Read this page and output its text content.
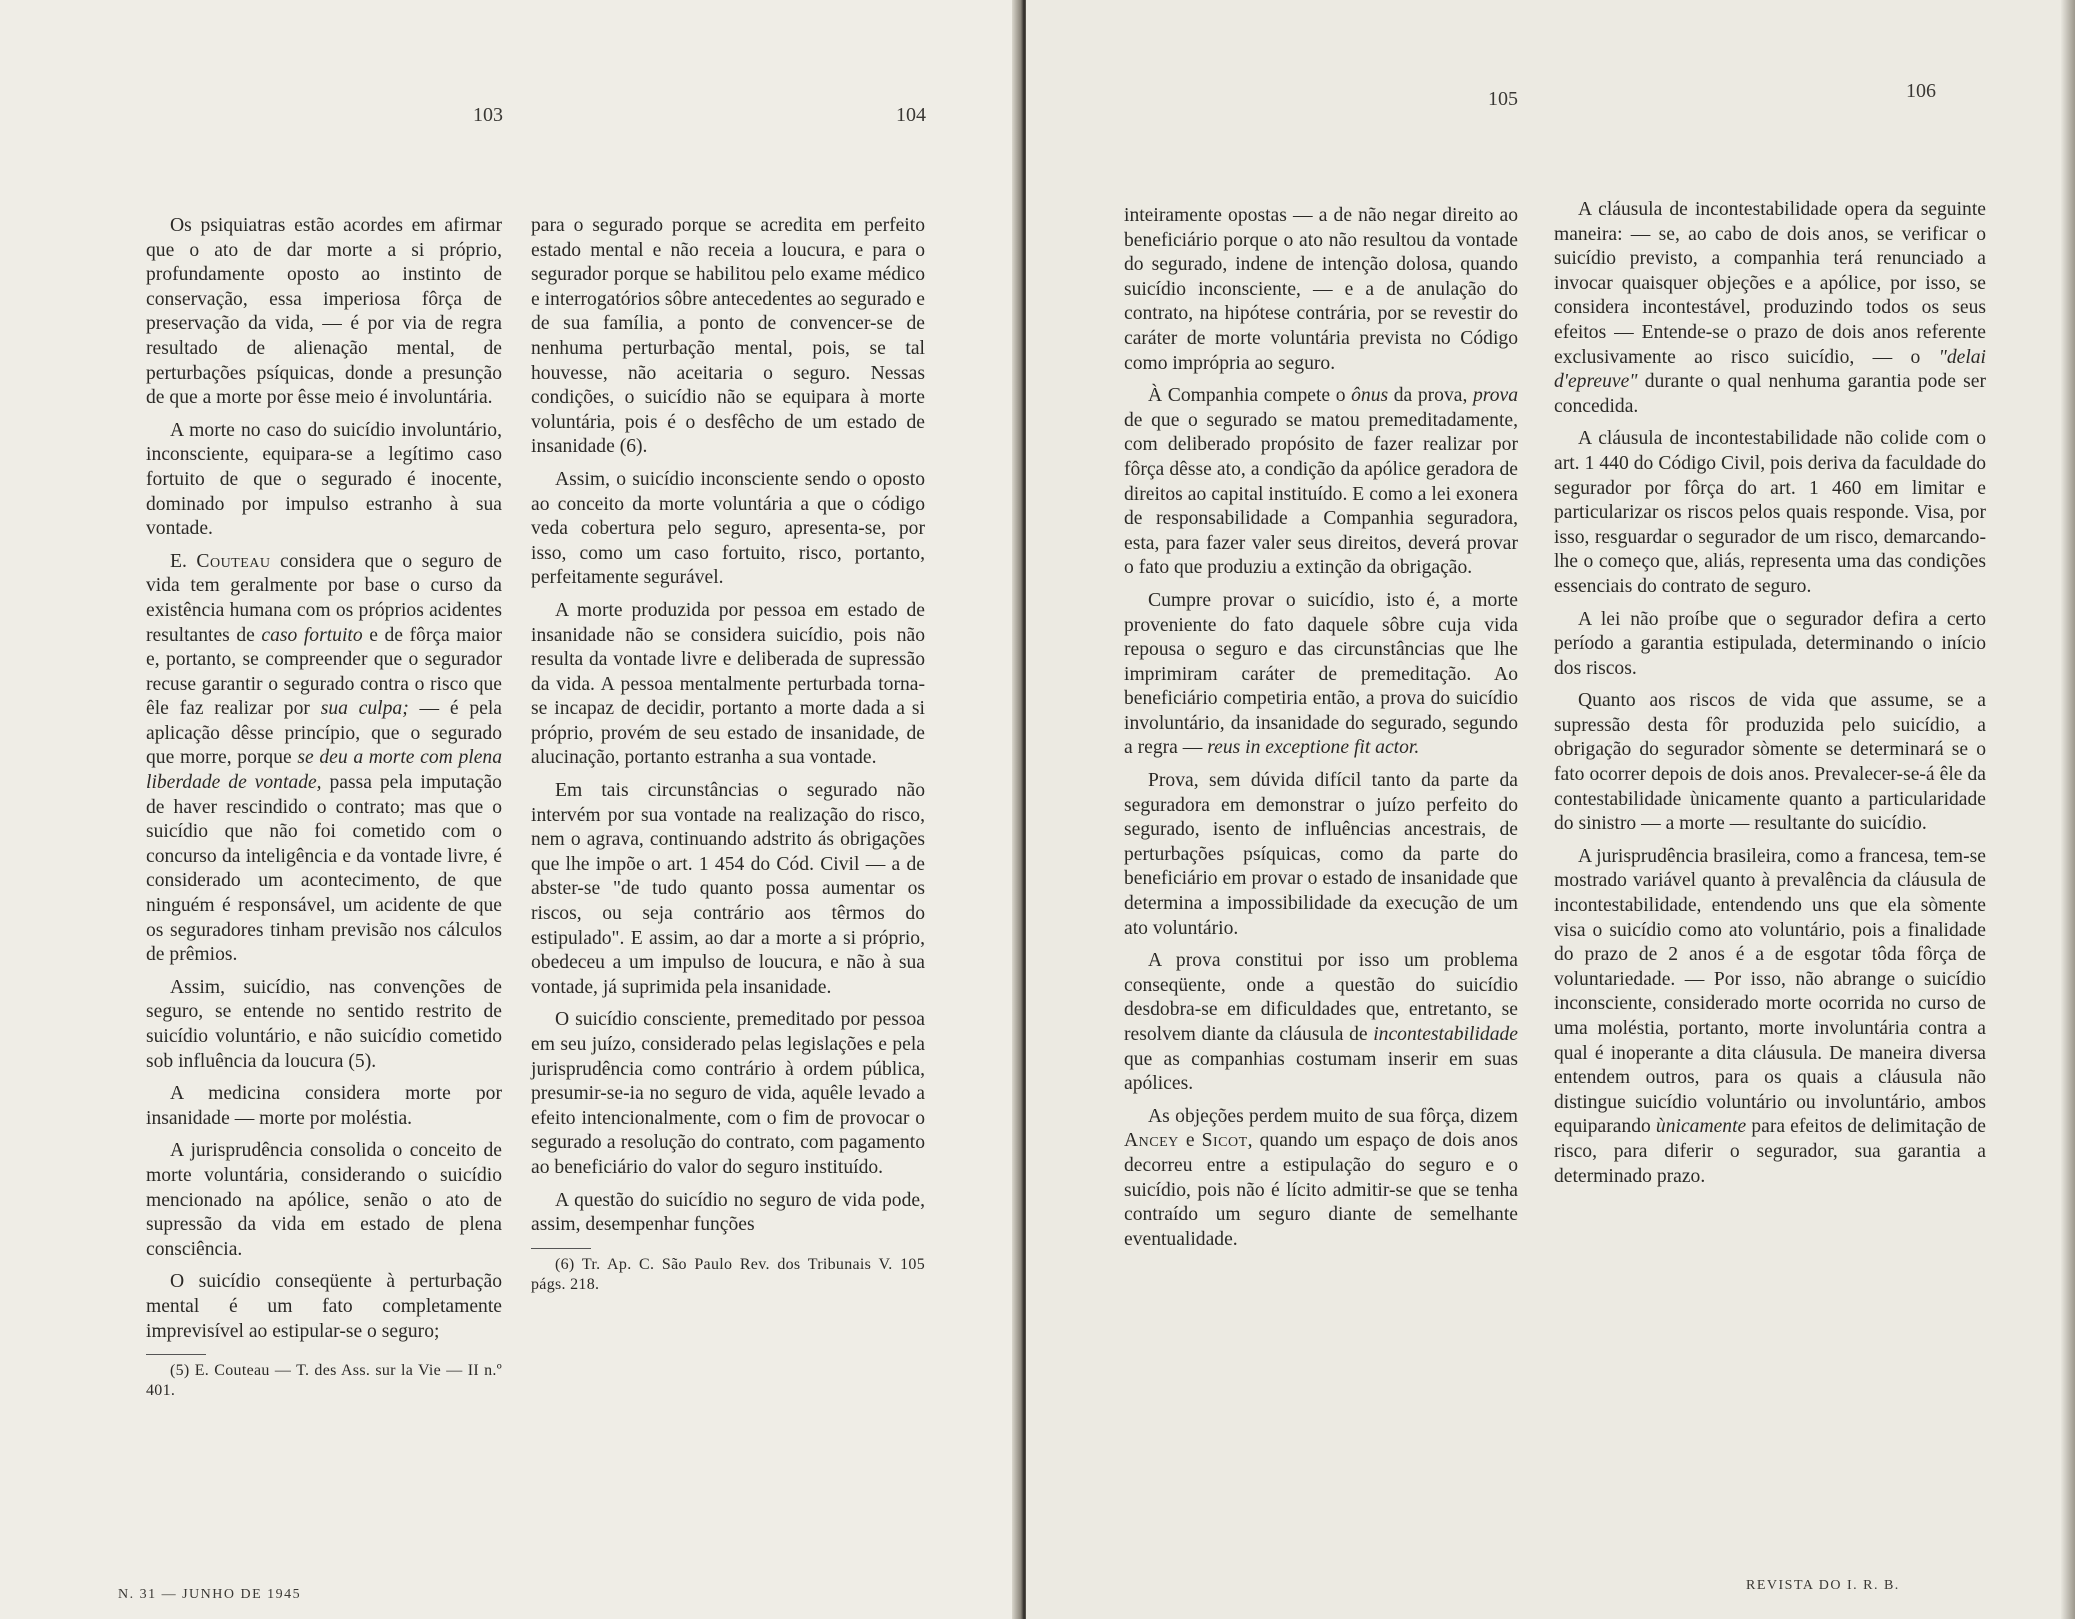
103	104

Os psiquiatras estão acordes em afirmar que o ato de dar morte a si próprio, profundamente oposto ao instinto de conservação, essa imperiosa fôrça de preservação da vida, — é por via de regra resultado de alienação mental, de perturbações psíquicas, donde a presunção de que a morte por êsse meio é involuntária.

A morte no caso do suicídio involuntário, inconsciente, equipara-se a legítimo caso fortuito de que o segurado é inocente, dominado por impulso estranho à sua vontade.

E. Couteau considera que o seguro de vida tem geralmente por base o curso da existência humana com os próprios acidentes resultantes de caso fortuito e de fôrça maior e, portanto, se compreender que o segurador recuse garantir o segurado contra o risco que êle faz realizar por sua culpa; — é pela aplicação dêsse princípio, que o segurado que morre, porque se deu a morte com plena liberdade de vontade, passa pela imputação de haver rescindido o contrato; mas que o suicídio que não foi cometido com o concurso da inteligência e da vontade livre, é considerado um acontecimento, de que ninguém é responsável, um acidente de que os seguradores tinham previsão nos cálculos de prêmios.

Assim, suicídio, nas convenções de seguro, se entende no sentido restrito de suicídio voluntário, e não suicídio cometido sob influência da loucura (5).

A medicina considera morte por insanidade — morte por moléstia.

A jurisprudência consolida o conceito de morte voluntária, considerando o suicídio mencionado na apólice, senão o ato de supressão da vida em estado de plena consciência.

O suicídio conseqüente à perturbação mental é um fato completamente imprevisível ao estipular-se o seguro;

(5) E. Couteau — T. des Ass. sur la Vie — II n.º 401.

para o segurado porque se acredita em perfeito estado mental e não receia a loucura, e para o segurador porque se habilitou pelo exame médico e interrogatórios sôbre antecedentes ao segurado e de sua família, a ponto de convencer-se de nenhuma perturbação mental, pois, se tal houvesse, não aceitaria o seguro. Nessas condições, o suicídio não se equipara à morte voluntária, pois é o desfêcho de um estado de insanidade (6).

Assim, o suicídio inconsciente sendo o oposto ao conceito da morte voluntária a que o código veda cobertura pelo seguro, apresenta-se, por isso, como um caso fortuito, risco, portanto, perfeitamente segurável.

A morte produzida por pessoa em estado de insanidade não se considera suicídio, pois não resulta da vontade livre e deliberada de supressão da vida. A pessoa mentalmente perturbada torna-se incapaz de decidir, portanto a morte dada a si próprio, provém de seu estado de insanidade, de alucinação, portanto estranha a sua vontade.

Em tais circunstâncias o segurado não intervém por sua vontade na realização do risco, nem o agrava, continuando adstrito ás obrigações que lhe impõe o art. 1 454 do Cód. Civil — a de abster-se "de tudo quanto possa aumentar os riscos, ou seja contrário aos têrmos do estipulado". E assim, ao dar a morte a si próprio, obedeceu a um impulso de loucura, e não à sua vontade, já suprimida pela insanidade.

O suicídio consciente, premeditado por pessoa em seu juízo, considerado pelas legislações e pela jurisprudência como contrário à ordem pública, presumir-se-ia no seguro de vida, aquêle levado a efeito intencionalmente, com o fim de provocar o segurado a resolução do contrato, com pagamento ao beneficiário do valor do seguro instituído.

A questão do suicídio no seguro de vida pode, assim, desempenhar funções

(6) Tr. Ap. C. São Paulo Rev. dos Tribunais V. 105 págs. 218.

N. 31 — JUNHO DE 1945
105	106

inteiramente opostas — a de não negar direito ao beneficiário porque o ato não resultou da vontade do segurado, indene de intenção dolosa, quando suicídio inconsciente, — e a de anulação do contrato, na hipótese contrária, por se revestir do caráter de morte voluntária prevista no Código como imprópria ao seguro.

À Companhia compete o ônus da prova, prova de que o segurado se matou premeditadamente, com deliberado propósito de fazer realizar por fôrça dêsse ato, a condição da apólice geradora de direitos ao capital instituído. E como a lei exonera de responsabilidade a Companhia seguradora, esta, para fazer valer seus direitos, deverá provar o fato que produziu a extinção da obrigação.

Cumpre provar o suicídio, isto é, a morte proveniente do fato daquele sôbre cuja vida repousa o seguro e das circunstâncias que lhe imprimiram caráter de premeditação. Ao beneficiário competiria então, a prova do suicídio involuntário, da insanidade do segurado, segundo a regra — reus in exceptione fit actor.

Prova, sem dúvida difícil tanto da parte da seguradora em demonstrar o juízo perfeito do segurado, isento de influências ancestrais, de perturbações psíquicas, como da parte do beneficiário em provar o estado de insanidade que determina a impossibilidade da execução de um ato voluntário.

A prova constitui por isso um problema conseqüente, onde a questão do suicídio desdobra-se em dificuldades que, entretanto, se resolvem diante da cláusula de incontestabilidade que as companhias costumam inserir em suas apólices.

As objeções perdem muito de sua fôrça, dizem Ancey e Sicot, quando um espaço de dois anos decorreu entre a estipulação do seguro e o suicídio, pois não é lícito admitir-se que se tenha contraído um seguro diante de semelhante eventualidade.

A cláusula de incontestabilidade opera da seguinte maneira: — se, ao cabo de dois anos, se verificar o suicídio previsto, a companhia terá renunciado a invocar quaisquer objeções e a apólice, por isso, se considera incontestável, produzindo todos os seus efeitos — Entende-se o prazo de dois anos referente exclusivamente ao risco suicídio, — o "delai d'epreuve" durante o qual nenhuma garantia pode ser concedida.

A cláusula de incontestabilidade não colide com o art. 1 440 do Código Civil, pois deriva da faculdade do segurador por fôrça do art. 1 460 em limitar e particularizar os riscos pelos quais responde. Visa, por isso, resguardar o segurador de um risco, demarcando-lhe o começo que, aliás, representa uma das condições essenciais do contrato de seguro.

A lei não proíbe que o segurador defira a certo período a garantia estipulada, determinando o início dos riscos.

Quanto aos riscos de vida que assume, se a supressão desta fôr produzida pelo suicídio, a obrigação do segurador sòmente se determinará se o fato ocorrer depois de dois anos. Prevalecer-se-á êle da contestabilidade ùnicamente quanto a particularidade do sinistro — a morte — resultante do suicídio.

A jurisprudência brasileira, como a francesa, tem-se mostrado variável quanto à prevalência da cláusula de incontestabilidade, entendendo uns que ela sòmente visa o suicídio como ato voluntário, pois a finalidade do prazo de 2 anos é a de esgotar tôda fôrça de voluntariedade. — Por isso, não abrange o suicídio inconsciente, considerado morte ocorrida no curso de uma moléstia, portanto, morte involuntária contra a qual é inoperante a dita cláusula. De maneira diversa entendem outros, para os quais a cláusula não distingue suicídio voluntário ou involuntário, ambos equiparando ùnicamente para efeitos de delimitação de risco, para diferir o segurador, sua garantia a determinado prazo.

REVISTA DO I. R. B.
